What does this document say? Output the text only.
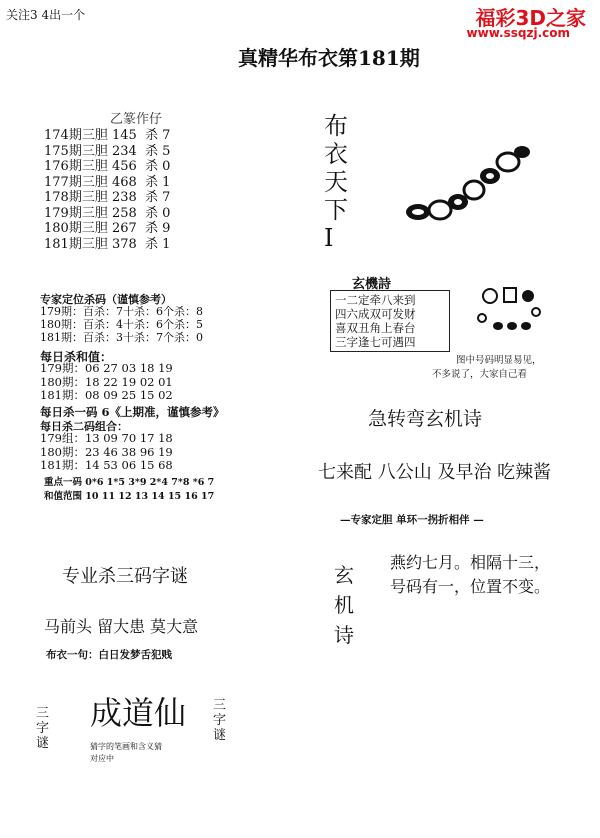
关注3 4出一个	福彩3D之家
www.ssqzj.com
真精华布衣第181期
乙篆作仔
174期三胆 145  杀 7
175期三胆 234  杀 5
176期三胆 456  杀 0
177期三胆 468  杀 1
178期三胆 238  杀 7
179期三胆 258  杀 0
180期三胆 267  杀 9
181期三胆 378  杀 1
专家定位杀码（谨慎参考）
179期：百杀：7十杀：6个杀：8
180期：百杀：4十杀：6个杀：5
181期：百杀：3十杀：7个杀：0
每日杀和值：
179期：06 27 03 18 19
180期：18 22 19 02 01
181期：08 09 25 15 02
每日杀一码 6《上期准，谨慎参考》
每日杀二码组合：
179组：13 09 70 17 18
180期：23 46 38 96 19
181期：14 53 06 15 68
重点一码 0*6 1*5 3*9 2*4 7*8 *6 7
和值范围 10 11 12 13 14 15 16 17
专业杀三码字谜
马前头 留大患 莫大意
布衣一句：白日发梦舌犯贱
三字谜
成道仙 三字谜
猜字的笔画和含义猜
对应中
布衣天下I
玄機詩
一二定牵八来到
四六成双可发财
喜双丑角上春台
三字逢七可遇四
图中号码明显易见，
不多说了，大家自己看
急转弯玄机诗
七来配 八公山 及早治 吃辣酱
—专家定胆 单环一拐折相伴 —
玄机诗
燕约七月。相隔十三，
号码有一，位置不变。
